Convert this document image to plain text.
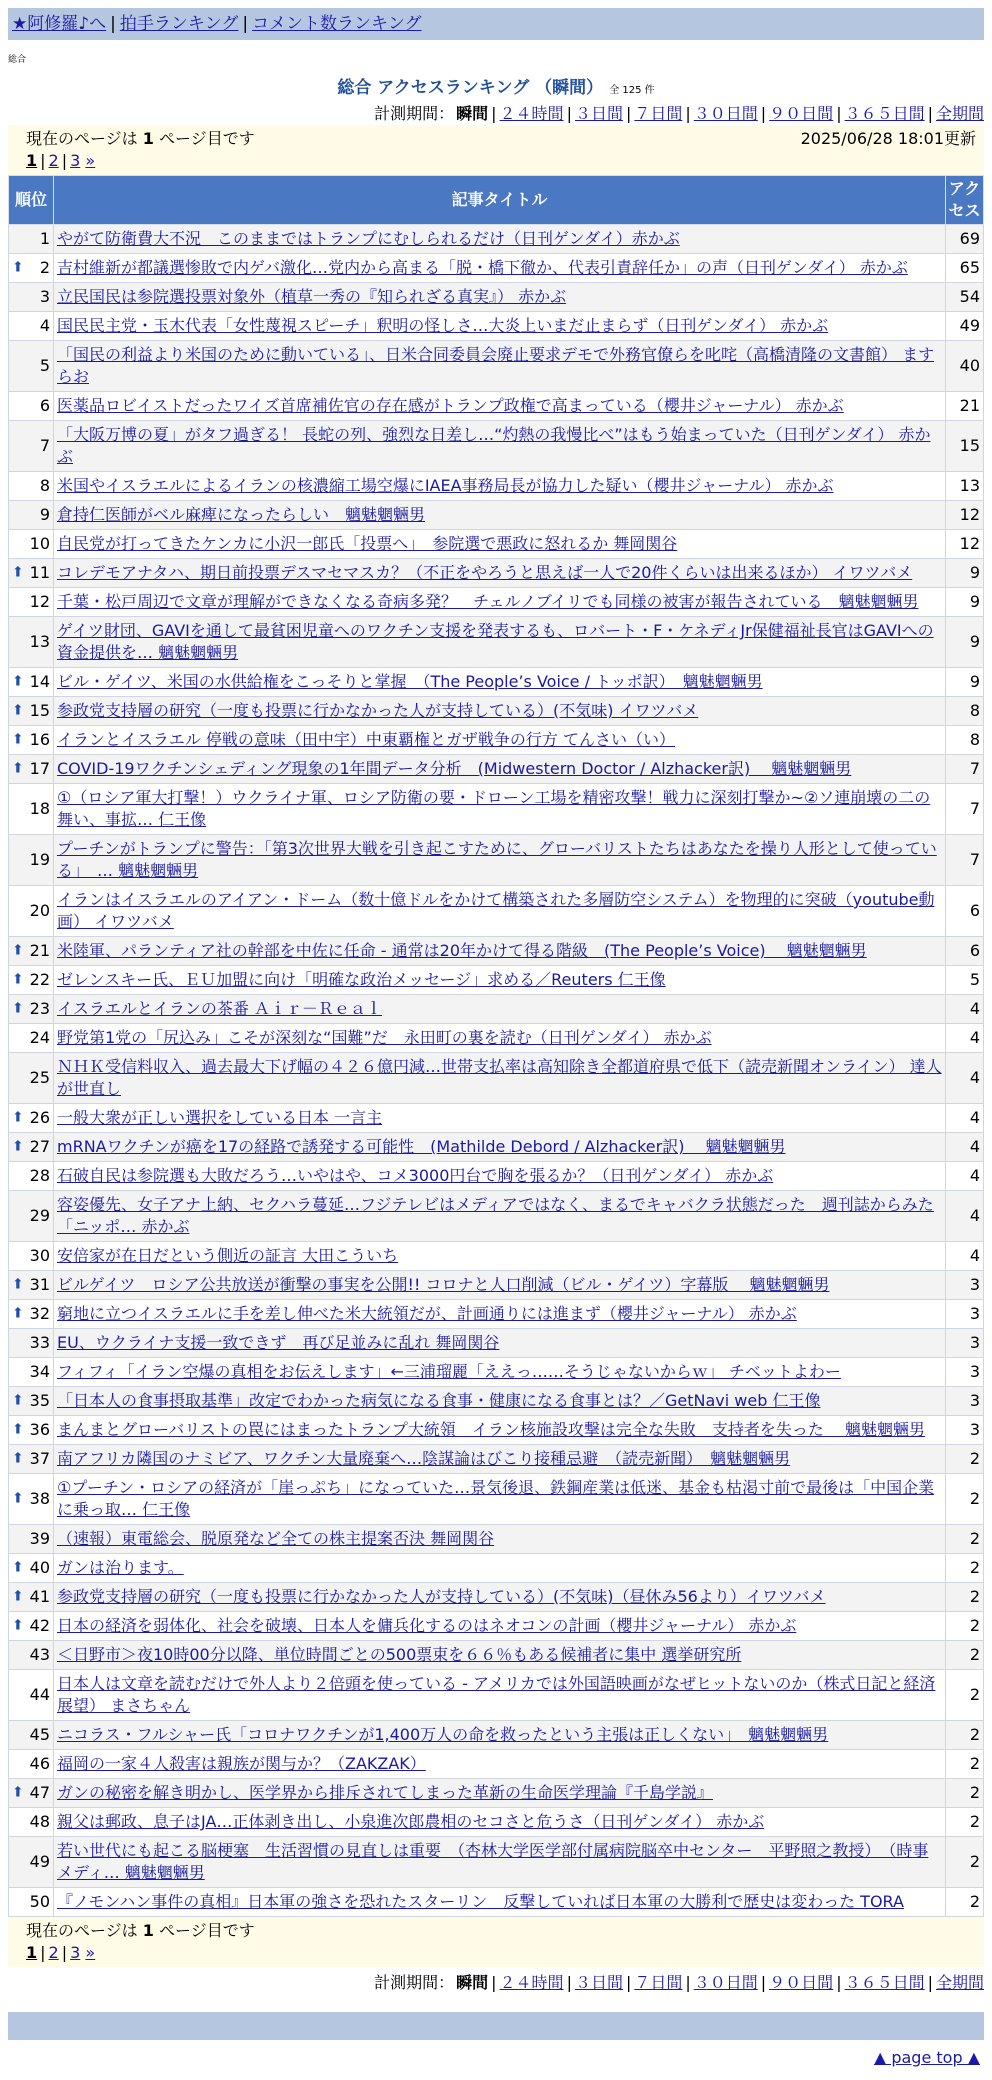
★阿修羅♪へ | 拍手ランキング | コメント数ランキング
総合
総合 アクセスランキング （瞬間） 全 125 件
計測期間： 瞬間 | ２４時間 | ３日間 | ７日間 | ３０日間 | ９０日間 | ３６５日間 | 全期間
現在のページは 1 ページ目です	2025/06/28 18:01更新
1 | 2 | 3 »
順位	記事タイトル	アクセス
1	やがて防衛費大不況　このままではトランプにむしられるだけ（日刊ゲンダイ）赤かぶ	69

⬆ 2	吉村維新が都議選惨敗で内ゲバ激化…党内から高まる「脱・橋下徹か、代表引責辞任か」の声（日刊ゲンダイ） 赤かぶ	65
3	立民国民は参院選投票対象外（植草一秀の『知られざる真実』） 赤かぶ	54
4	国民民主党・玉木代表「女性蔑視スピーチ」釈明の怪しさ…大炎上いまだ止まらず（日刊ゲンダイ） 赤かぶ	49
5	「国民の利益より米国のために動いている」、日米合同委員会廃止要求デモで外務官僚らを叱咤（高橋清隆の文書館） ますらお	40
6	医薬品ロビイストだったワイズ首席補佐官の存在感がトランプ政権で高まっている（櫻井ジャーナル） 赤かぶ	21
7	「大阪万博の夏」がタフ過ぎる！ 長蛇の列、強烈な日差し…“灼熱の我慢比べ”はもう始まっていた（日刊ゲンダイ） 赤かぶ	15
8	米国やイスラエルによるイランの核濃縮工場空爆にIAEA事務局長が協力した疑い（櫻井ジャーナル） 赤かぶ	13
9	倉持仁医師がベル麻痺になったらしい　魑魅魍魎男	12
10	自民党が打ってきたケンカに小沢一郎氏「投票へ」　参院選で悪政に怒れるか 舞岡関谷	12

⬆ 11	コレデモアナタハ、期日前投票デスマセマスカ？（不正をやろうと思えば一人で20件くらいは出来るほか） イワツバメ	9
12	千葉・松戸周辺で文章が理解ができなくなる奇病多発？　チェルノブイリでも同様の被害が報告されている　魑魅魍魎男	9
13	ゲイツ財団、GAVIを通して最貧困児童へのワクチン支援を発表するも、ロバート・F・ケネディJr保健福祉長官はGAVIへの資金提供を… 魑魅魍魎男	9

⬆ 14	ビル・ゲイツ、米国の水供給権をこっそりと掌握　（The People’s Voice / トッポ訳）　魑魅魍魎男	9

⬆ 15	参政党支持層の研究（一度も投票に行かなかった人が支持している）(不気味) イワツバメ	8

⬆ 16	イランとイスラエル 停戦の意味（田中宇）中東覇権とガザ戦争の行方 てんさい（い）	8

⬆ 17	COVID-19ワクチンシェディング現象の1年間データ分析　(Midwestern Doctor / Alzhacker訳)　 魑魅魍魎男	7
18	①（ロシア軍大打撃！）ウクライナ軍、ロシア防衛の要・ドローン工場を精密攻撃！戦力に深刻打撃か~②ソ連崩壊の二の舞い、事拡… 仁王像	7
19	プーチンがトランプに警告：「第3次世界大戦を引き起こすために、グローバリストたちはあなたを操り人形として使っている」　… 魑魅魍魎男	7
20	イランはイスラエルのアイアン・ドーム（数十億ドルをかけて構築された多層防空システム）を物理的に突破（youtube動画） イワツバメ	6

⬆ 21	米陸軍、パランティア社の幹部を中佐に任命 - 通常は20年かけて得る階級　(The People’s Voice)　 魑魅魍魎男	6

⬆ 22	ゼレンスキー氏、ＥＵ加盟に向け「明確な政治メッセージ」求める／Reuters 仁王像	5

⬆ 23	イスラエルとイランの茶番 Ａｉｒ－Ｒｅａｌ	4
24	野党第1党の「尻込み」こそが深刻な“国難”だ　永田町の裏を読む（日刊ゲンダイ） 赤かぶ	4
25	ＮＨＫ受信料収入、過去最大下げ幅の４２６億円減…世帯支払率は高知除き全都道府県で低下（読売新聞オンライン） 達人が世直し	4

⬆ 26	一般大衆が正しい選択をしている日本 一言主	4

⬆ 27	mRNAワクチンが癌を17の経路で誘発する可能性　(Mathilde Debord / Alzhacker訳)　 魑魅魍魎男	4
28	石破自民は参院選も大敗だろう…いやはや、コメ3000円台で胸を張るか？（日刊ゲンダイ） 赤かぶ	4
29	容姿優先、女子アナ上納、セクハラ蔓延…フジテレビはメディアではなく、まるでキャバクラ状態だった　週刊誌からみた「ニッポ… 赤かぶ	4
30	安倍家が在日だという側近の証言 大田こういち	4

⬆ 31	ビルゲイツ　ロシア公共放送が衝撃の事実を公開!! コロナと人口削減（ビル・ゲイツ）字幕版　 魑魅魍魎男	3

⬆ 32	窮地に立つイスラエルに手を差し伸べた米大統領だが、計画通りには進まず（櫻井ジャーナル） 赤かぶ	3
33	EU、ウクライナ支援一致できず　再び足並みに乱れ 舞岡関谷	3
34	フィフィ「イラン空爆の真相をお伝えします」←三浦瑠麗「ええっ……そうじゃないからｗ」 チベットよわー	3

⬆ 35	「日本人の食事摂取基準」改定でわかった病気になる食事・健康になる食事とは？／GetNavi web 仁王像	3

⬆ 36	まんまとグローバリストの罠にはまったトランプ大統領　イラン核施設攻撃は完全な失敗　支持者を失った　 魑魅魍魎男	3

⬆ 37	南アフリカ隣国のナミビア、ワクチン大量廃棄へ…陰謀論はびこり接種忌避　（読売新聞）　魑魅魍魎男	2

⬆ 38	①プーチン・ロシアの経済が「崖っぷち」になっていた…景気後退、鉄鋼産業は低迷、基金も枯渇寸前で最後は「中国企業に乗っ取… 仁王像	2
39	（速報）東電総会、脱原発など全ての株主提案否決 舞岡関谷	2

⬆ 40	ガンは治ります。	2

⬆ 41	参政党支持層の研究（一度も投票に行かなかった人が支持している）(不気味)（昼休み56より）イワツバメ	2

⬆ 42	日本の経済を弱体化、社会を破壊、日本人を傭兵化するのはネオコンの計画（櫻井ジャーナル） 赤かぶ	2
43	＜日野市＞夜10時00分以降、単位時間ごとの500票束を６６％もある候補者に集中 選挙研究所	2
44	日本人は文章を読むだけで外人より２倍頭を使っている - アメリカでは外国語映画がなぜヒットないのか（株式日記と経済展望） まさちゃん	2
45	ニコラス・フルシャー氏「コロナワクチンが1,400万人の命を救ったという主張は正しくない」　魑魅魍魎男	2
46	福岡の一家４人殺害は親族が関与か？（ZAKZAK）	2

⬆ 47	ガンの秘密を解き明かし、医学界から排斥されてしまった革新の生命医学理論『千島学説』	2
48	親父は郵政、息子はJA…正体剥き出し、小泉進次郎農相のセコさと危うさ（日刊ゲンダイ） 赤かぶ	2
49	若い世代にも起こる脳梗塞　生活習慣の見直しは重要　（杏林大学医学部付属病院脳卒中センター　平野照之教授）　（時事メディ… 魑魅魍魎男	2
50	『ノモンハン事件の真相』日本軍の強さを恐れたスターリン　反撃していれば日本軍の大勝利で歴史は変わった TORA	2
現在のページは 1 ページ目です
1 | 2 | 3 »
計測期間： 瞬間 | ２４時間 | ３日間 | ７日間 | ３０日間 | ９０日間 | ３６５日間 | 全期間
▲ page top ▲
